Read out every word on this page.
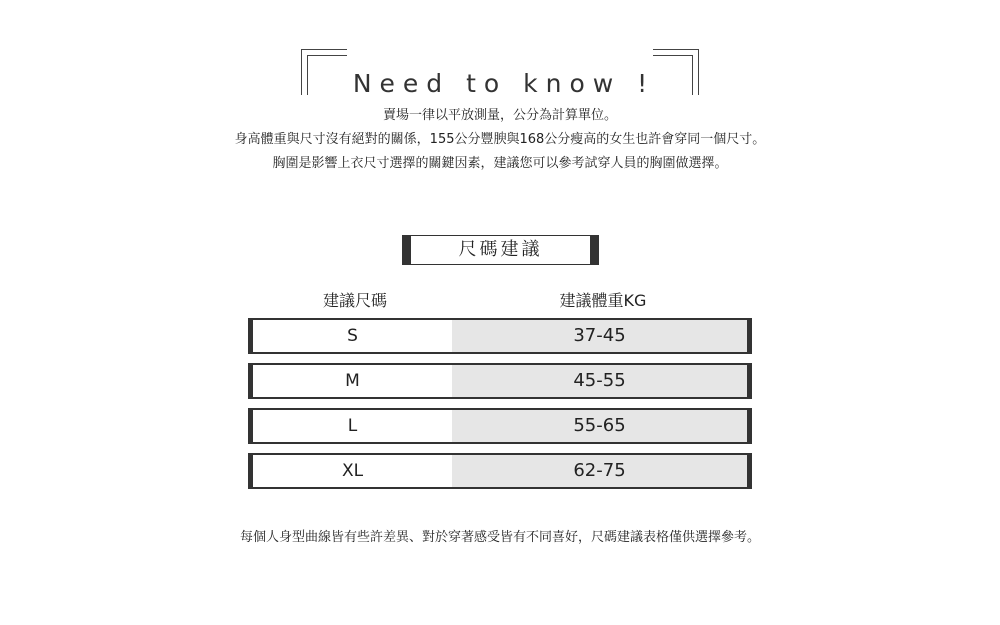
Need to know !
賣場一律以平放測量，公分為計算單位。
身高體重與尺寸沒有絕對的關係，155公分豐腴與168公分瘦高的女生也許會穿同一個尺寸。
胸圍是影響上衣尺寸選擇的關鍵因素，建議您可以參考試穿人員的胸圍做選擇。
尺碼建議
建議尺碼	建議體重KG
S	37-45
M	45-55
L	55-65
XL	62-75
每個人身型曲線皆有些許差異、對於穿著感受皆有不同喜好，尺碼建議表格僅供選擇參考。
